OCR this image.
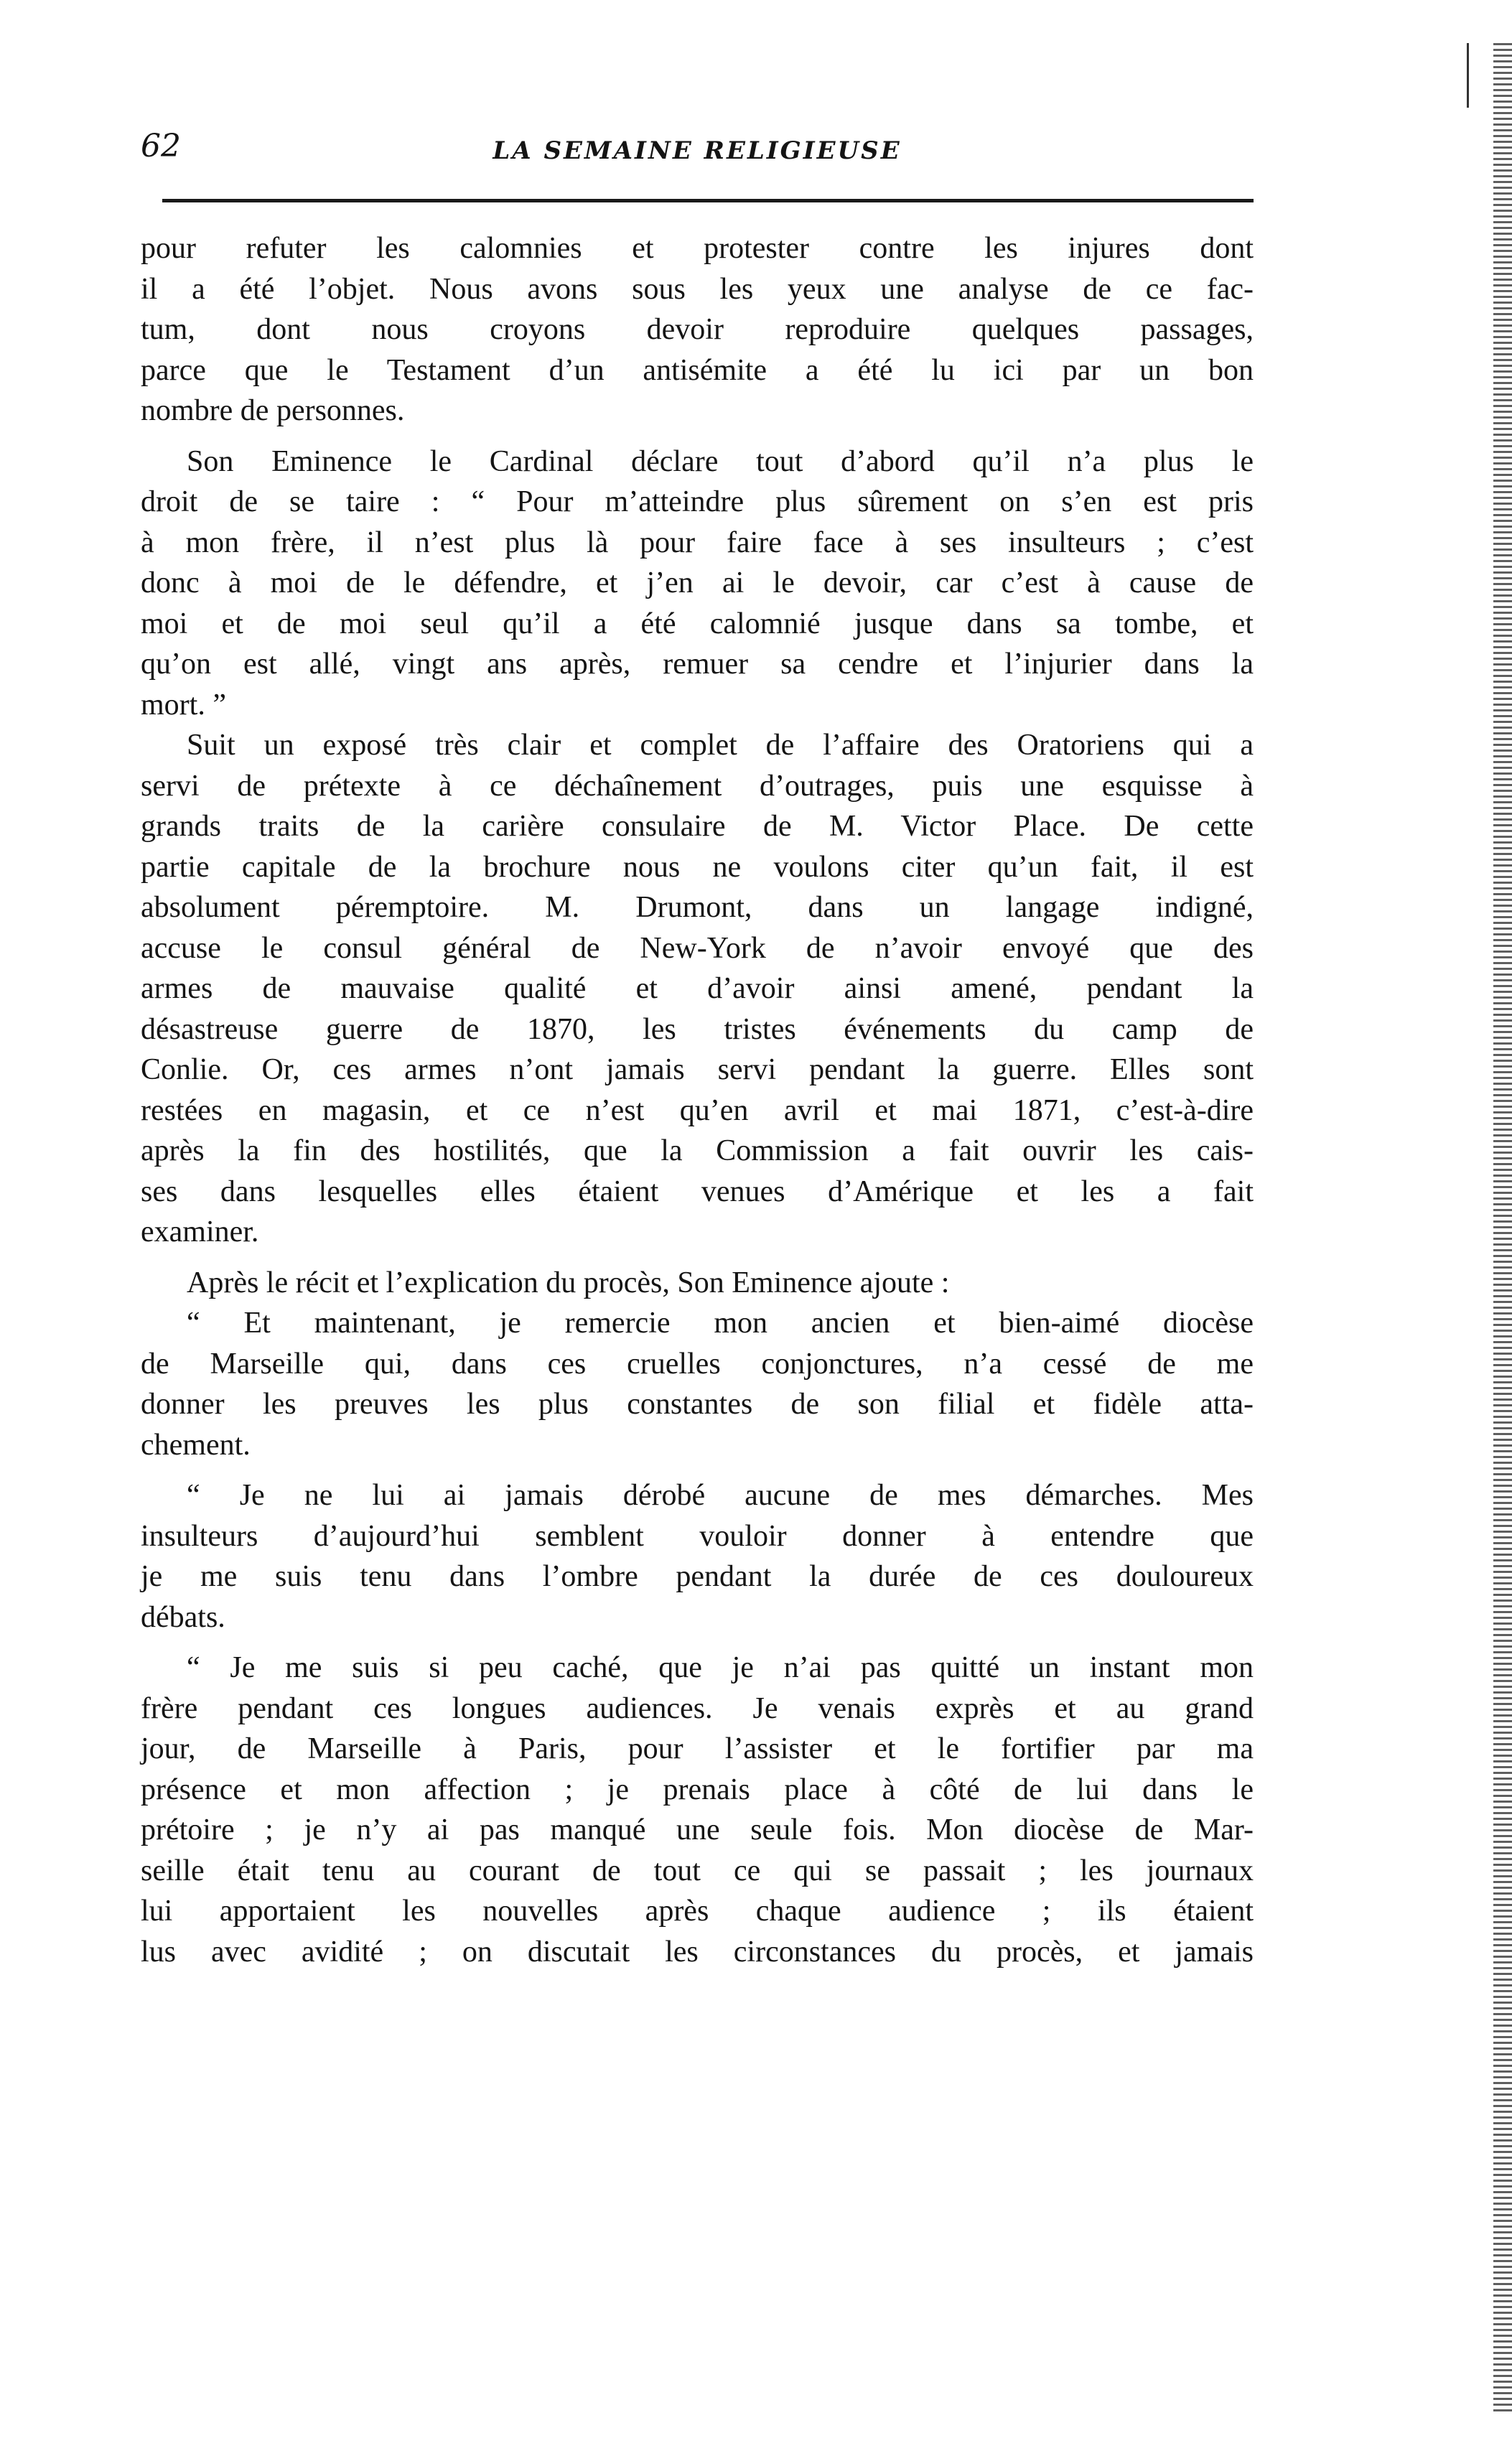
62	LA SEMAINE RELIGIEUSE
pour refuter les calomnies et protester contre les injures dont
il a été l’objet. Nous avons sous les yeux une analyse de ce fac-
tum, dont nous croyons devoir reproduire quelques passages,
parce que le Testament d’un antisémite a été lu ici par un bon
nombre de personnes.
Son Eminence le Cardinal déclare tout d’abord qu’il n’a plus le
droit de se taire : “ Pour m’atteindre plus sûrement on s’en est pris
à mon frère, il n’est plus là pour faire face à ses insulteurs ; c’est
donc à moi de le défendre, et j’en ai le devoir, car c’est à cause de
moi et de moi seul qu’il a été calomnié jusque dans sa tombe, et
qu’on est allé, vingt ans après, remuer sa cendre et l’injurier dans la
mort. ”
Suit un exposé très clair et complet de l’affaire des Oratoriens qui a
servi de prétexte à ce déchaînement d’outrages, puis une esquisse à
grands traits de la carière consulaire de M. Victor Place. De cette
partie capitale de la brochure nous ne voulons citer qu’un fait, il est
absolument péremptoire. M. Drumont, dans un langage indigné,
accuse le consul général de New-York de n’avoir envoyé que des
armes de mauvaise qualité et d’avoir ainsi amené, pendant la
désastreuse guerre de 1870, les tristes événements du camp de
Conlie. Or, ces armes n’ont jamais servi pendant la guerre. Elles sont
restées en magasin, et ce n’est qu’en avril et mai 1871, c’est-à-dire
après la fin des hostilités, que la Commission a fait ouvrir les cais-
ses dans lesquelles elles étaient venues d’Amérique et les a fait
examiner.
Après le récit et l’explication du procès, Son Eminence ajoute :
“ Et maintenant, je remercie mon ancien et bien-aimé diocèse
de Marseille qui, dans ces cruelles conjonctures, n’a cessé de me
donner les preuves les plus constantes de son filial et fidèle atta-
chement.
“ Je ne lui ai jamais dérobé aucune de mes démarches. Mes
insulteurs d’aujourd’hui semblent vouloir donner à entendre que
je me suis tenu dans l’ombre pendant la durée de ces douloureux
débats.
“ Je me suis si peu caché, que je n’ai pas quitté un instant mon
frère pendant ces longues audiences. Je venais exprès et au grand
jour, de Marseille à Paris, pour l’assister et le fortifier par ma
présence et mon affection ; je prenais place à côté de lui dans le
prétoire ; je n’y ai pas manqué une seule fois. Mon diocèse de Mar-
seille était tenu au courant de tout ce qui se passait ; les journaux
lui apportaient les nouvelles après chaque audience ; ils étaient
lus avec avidité ; on discutait les circonstances du procès, et jamais
